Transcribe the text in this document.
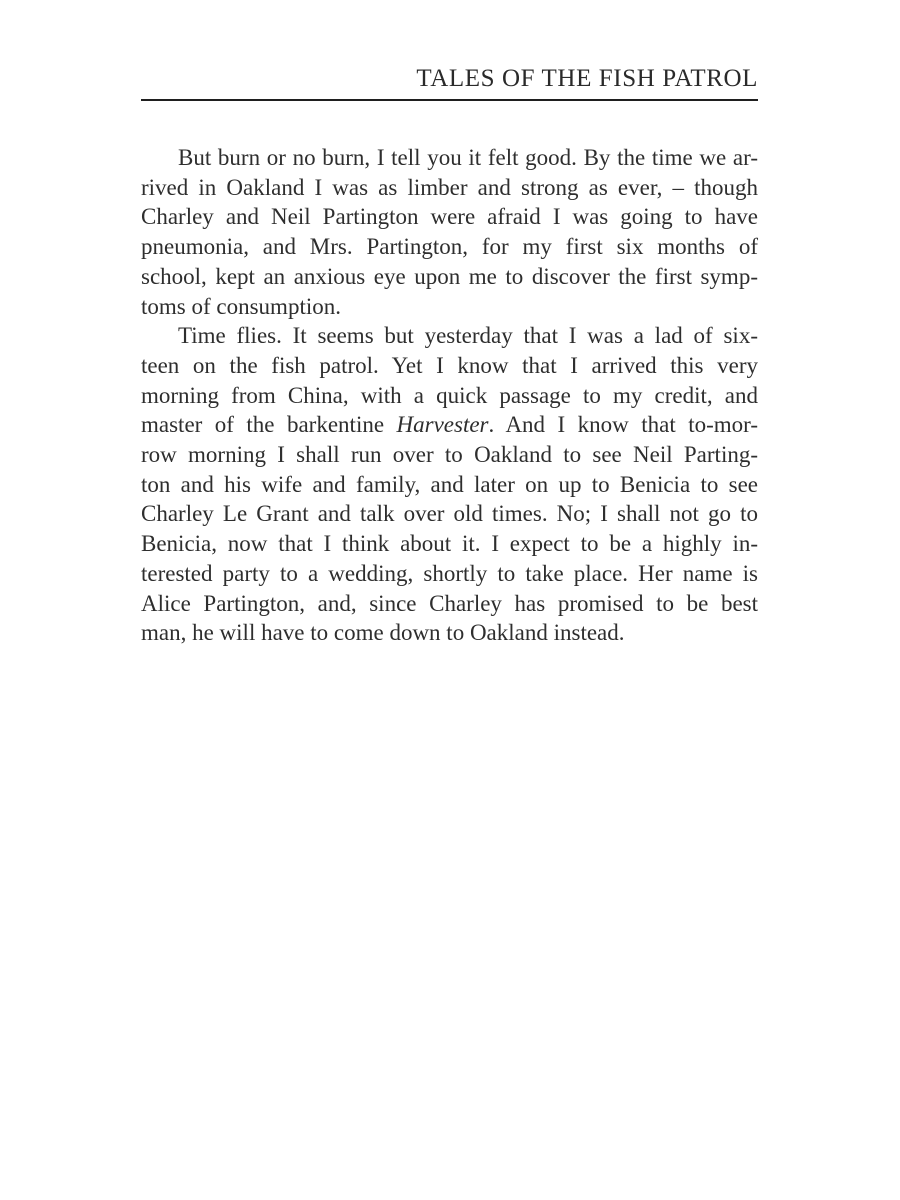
TALES OF THE FISH PATROL
But burn or no burn, I tell you it felt good. By the time we ar-
rived in Oakland I was as limber and strong as ever, – though
Charley and Neil Partington were afraid I was going to have
pneumonia, and Mrs. Partington, for my first six months of
school, kept an anxious eye upon me to discover the first symp-
toms of consumption.
Time flies. It seems but yesterday that I was a lad of six-
teen on the fish patrol. Yet I know that I arrived this very
morning from China, with a quick passage to my credit, and
master of the barkentine Harvester. And I know that to-mor-
row morning I shall run over to Oakland to see Neil Parting-
ton and his wife and family, and later on up to Benicia to see
Charley Le Grant and talk over old times. No; I shall not go to
Benicia, now that I think about it. I expect to be a highly in-
terested party to a wedding, shortly to take place. Her name is
Alice Partington, and, since Charley has promised to be best
man, he will have to come down to Oakland instead.
